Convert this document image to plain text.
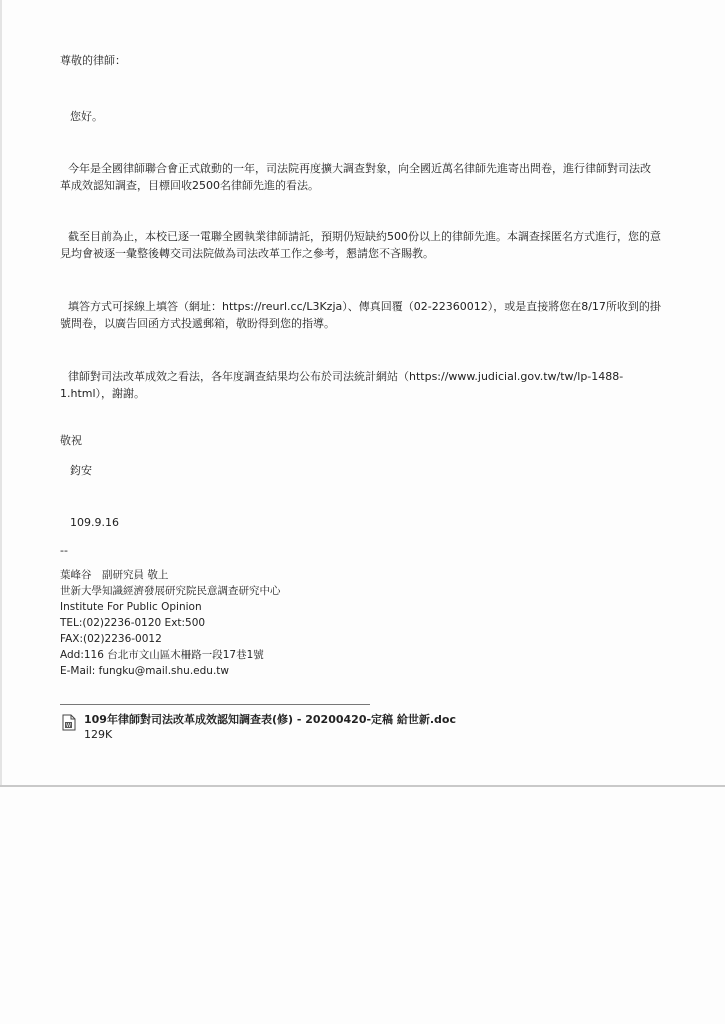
尊敬的律師：
您好。
今年是全國律師聯合會正式啟動的一年，司法院再度擴大調查對象，向全國近萬名律師先進寄出問卷，進行律師對司法改革成效認知調查，目標回收2500名律師先進的看法。
截至目前為止，本校已逐一電聯全國執業律師請託，預期仍短缺約500份以上的律師先進。本調查採匿名方式進行，您的意見均會被逐一彙整後轉交司法院做為司法改革工作之參考，懇請您不吝賜教。
填答方式可採線上填答（網址：https://reurl.cc/L3Kzja）、傳真回覆（02-22360012），或是直接將您在8/17所收到的掛號問卷，以廣告回函方式投遞郵箱，敬盼得到您的指導。
律師對司法改革成效之看法，各年度調查結果均公布於司法統計網站（https://www.judicial.gov.tw/tw/lp-1488-1.html），謝謝。
敬祝
鈞安
109.9.16
--
葉峰谷　副研究員 敬上
世新大學知識經濟發展研究院民意調查研究中心
Institute For Public Opinion
TEL:(02)2236-0120 Ext:500
FAX:(02)2236-0012
Add:116 台北市文山區木柵路一段17巷1號
E-Mail: fungku@mail.shu.edu.tw
W 109年律師對司法改革成效認知調查表(修) - 20200420-定稿 給世新.doc
129K
